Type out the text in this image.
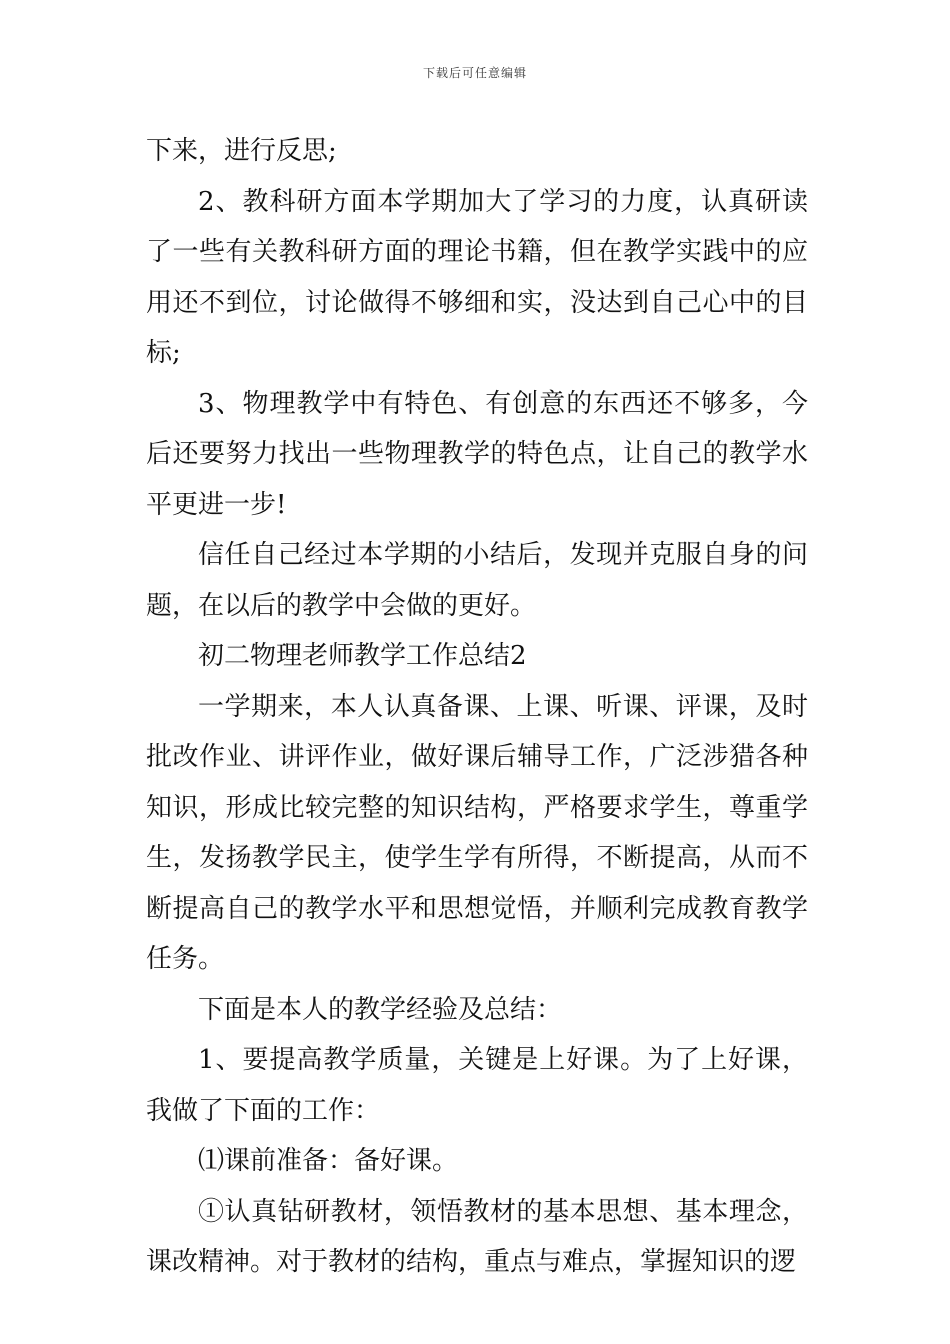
下载后可任意编辑

下来，进行反思;

2、教科研方面本学期加大了学习的力度，认真研读了一些有关教科研方面的理论书籍，但在教学实践中的应用还不到位，讨论做得不够细和实，没达到自己心中的目标;

3、物理教学中有特色、有创意的东西还不够多，今后还要努力找出一些物理教学的特色点，让自己的教学水平更进一步!

信任自己经过本学期的小结后，发现并克服自身的问题，在以后的教学中会做的更好。

初二物理老师教学工作总结2

一学期来，本人认真备课、上课、听课、评课，及时批改作业、讲评作业，做好课后辅导工作，广泛涉猎各种知识，形成比较完整的知识结构，严格要求学生，尊重学生，发扬教学民主，使学生学有所得，不断提高，从而不断提高自己的教学水平和思想觉悟，并顺利完成教育教学任务。

下面是本人的教学经验及总结：

1、要提高教学质量，关键是上好课。为了上好课，我做了下面的工作：

⑴课前准备：备好课。

①认真钻研教材，领悟教材的基本思想、基本理念，课改精神。对于教材的结构，重点与难点，掌握知识的逻
